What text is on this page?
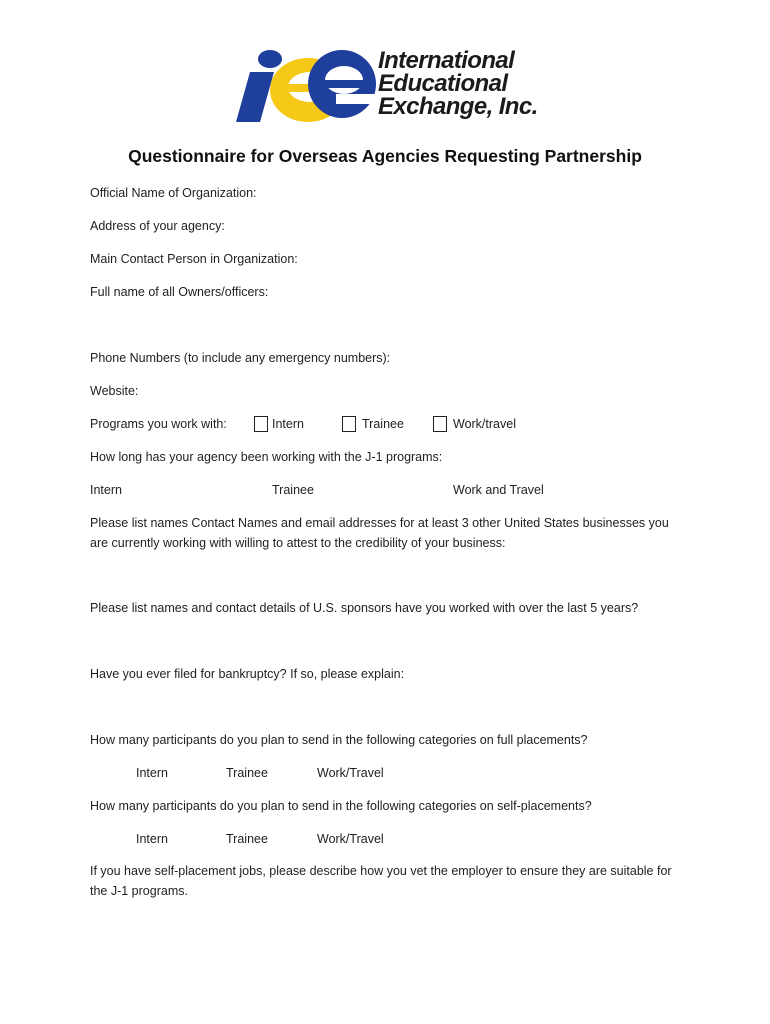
International
Educational
Exchange, Inc.
Questionnaire for Overseas Agencies Requesting Partnership
Official Name of Organization:
Address of your agency:
Main Contact Person in Organization:
Full name of all Owners/officers:
Phone Numbers (to include any emergency numbers):
Website:
Programs you work with:	Intern	Trainee	Work/travel
How long has your agency been working with the J-1 programs:
Intern	Trainee	Work and Travel
Please list names Contact Names and email addresses for at least 3 other United States businesses you are currently working with willing to attest to the credibility of your business:
Please list names and contact details of U.S. sponsors have you worked with over the last 5 years?
Have you ever filed for bankruptcy? If so, please explain:
How many participants do you plan to send in the following categories on full placements?
Intern	Trainee	Work/Travel
How many participants do you plan to send in the following categories on self-placements?
Intern	Trainee	Work/Travel
If you have self-placement jobs, please describe how you vet the employer to ensure they are suitable for the J-1 programs.
